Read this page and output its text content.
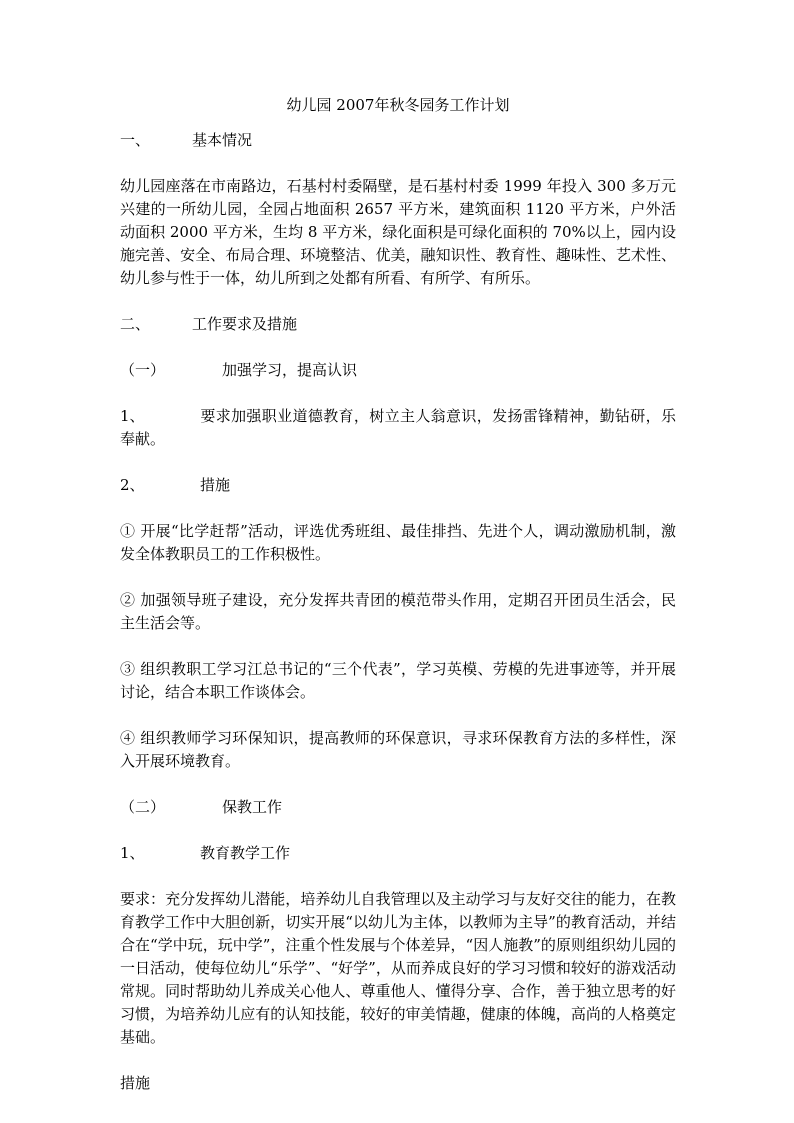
幼儿园 2007年秋冬园务工作计划
一、	基本情况
幼儿园座落在市南路边，石基村村委隔壁，是石基村村委 1999 年投入 300 多万元兴建的一所幼儿园，全园占地面积 2657 平方米，建筑面积 1120 平方米，户外活动面积 2000 平方米，生均 8 平方米，绿化面积是可绿化面积的 70%以上，园内设施完善、安全、布局合理、环境整洁、优美，融知识性、教育性、趣味性、艺术性、幼儿参与性于一体，幼儿所到之处都有所看、有所学、有所乐。
二、	工作要求及措施
（一）	加强学习，提高认识
1、	要求加强职业道德教育，树立主人翁意识，发扬雷锋精神，勤钻研，乐奉献。
2、	措施
① 开展“比学赶帮”活动，评选优秀班组、最佳排挡、先进个人，调动激励机制，激发全体教职员工的工作积极性。
② 加强领导班子建设，充分发挥共青团的模范带头作用，定期召开团员生活会，民主生活会等。
③ 组织教职工学习江总书记的“三个代表”，学习英模、劳模的先进事迹等，并开展讨论，结合本职工作谈体会。
④ 组织教师学习环保知识，提高教师的环保意识，寻求环保教育方法的多样性，深入开展环境教育。
（二）	保教工作
1、	教育教学工作
要求：充分发挥幼儿潜能，培养幼儿自我管理以及主动学习与友好交往的能力，在教育教学工作中大胆创新，切实开展“以幼儿为主体，以教师为主导”的教育活动，并结合在“学中玩，玩中学”，注重个性发展与个体差异，“因人施教”的原则组织幼儿园的一日活动，使每位幼儿“乐学”、“好学”，从而养成良好的学习习惯和较好的游戏活动常规。同时帮助幼儿养成关心他人、尊重他人、懂得分享、合作，善于独立思考的好习惯，为培养幼儿应有的认知技能，较好的审美情趣，健康的体魄，高尚的人格奠定基础。
措施
